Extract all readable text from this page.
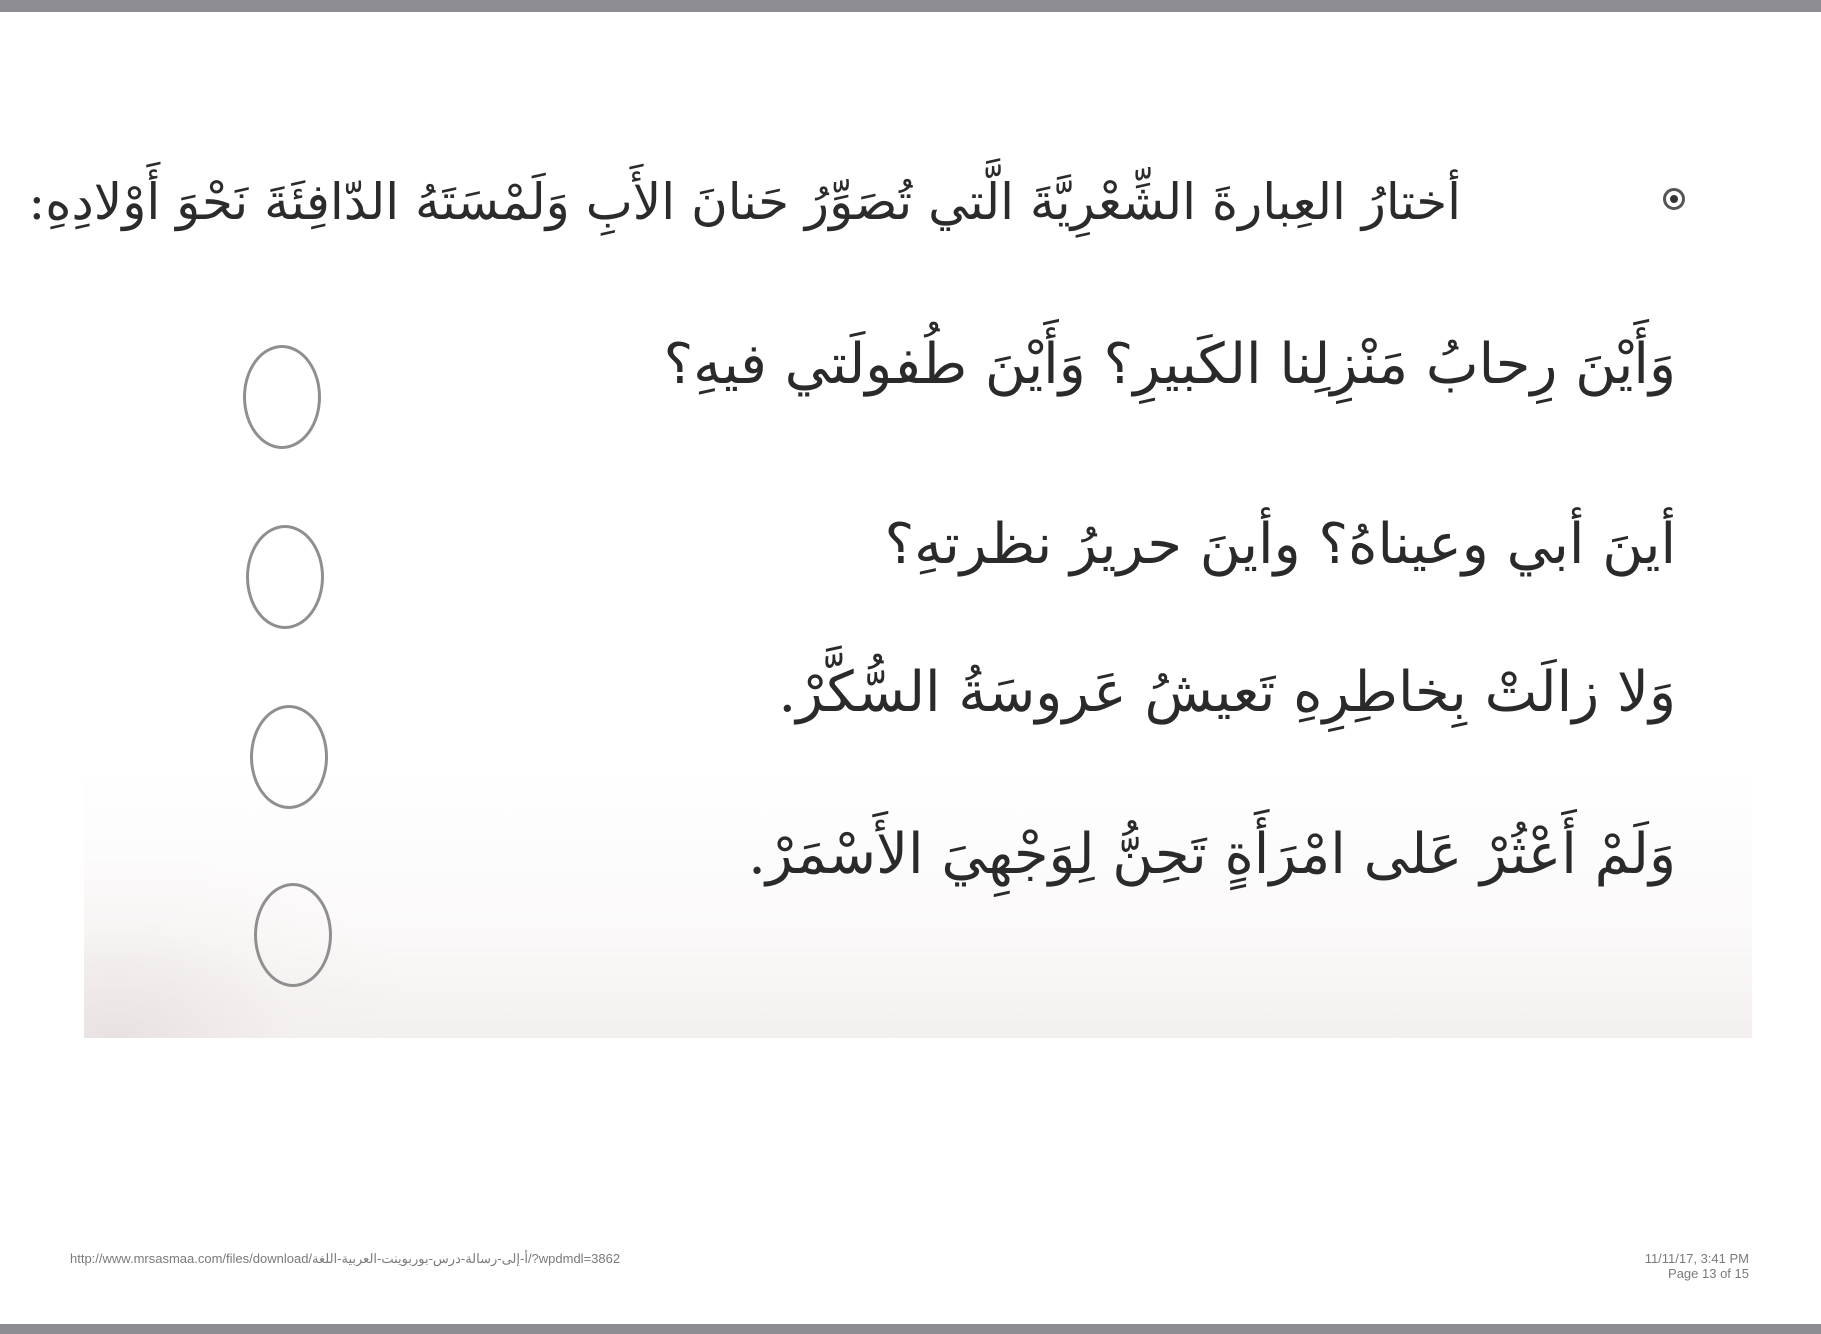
أختارُ العِبارةَ الشِّعْرِيَّةَ الَّتي تُصَوِّرُ حَنانَ الأَبِ وَلَمْسَتَهُ الدّافِئَةَ نَحْوَ أَوْلادِهِ:
وَأَيْنَ رِحابُ مَنْزِلِنا الكَبيرِ؟ وَأَيْنَ طُفولَتي فيهِ؟
أينَ أبي وعيناهُ؟ وأينَ حريرُ نظرتهِ؟
وَلا زالَتْ بِخاطِرِهِ تَعيشُ عَروسَةُ السُّكَّرْ.
وَلَمْ أَعْثُرْ عَلى امْرَأَةٍ تَحِنُّ لِوَجْهِيَ الأَسْمَرْ.
http://www.mrsasmaa.com/files/download/أ-إلى-رسالة-درس-بوربوينت-العربية-اللغة/?wpdmdl=3862	11/11/17, 3:41 PM
Page 13 of 15
